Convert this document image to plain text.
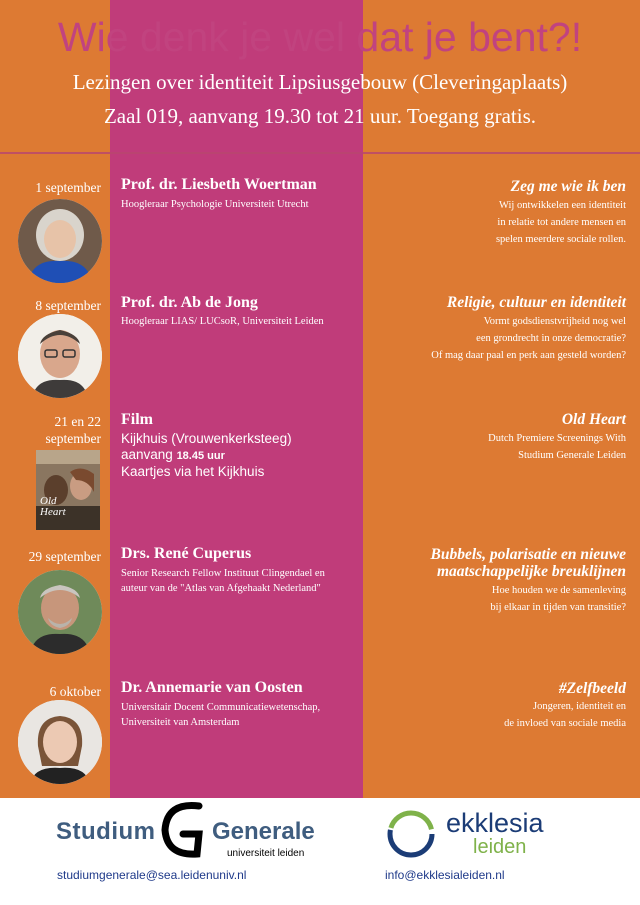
Wie denk je wel dat je bent?!
Lezingen over identiteit Lipsiusgebouw (Cleveringaplaats)
Zaal 019, aanvang 19.30 tot 21 uur. Toegang gratis.
1 september Prof. dr. Liesbeth Woertman
Hoogleraar Psychologie Universiteit Utrecht
Zeg me wie ik ben
Wij ontwikkelen een identiteit
in relatie tot andere mensen en
spelen meerdere sociale rollen.
8 september Prof. dr. Ab de Jong
Hoogleraar LIAS/ LUCsoR, Universiteit Leiden
Religie, cultuur en identiteit
Vormt godsdienstvrijheid nog wel
een grondrecht in onze democratie?
Of mag daar paal en perk aan gesteld worden?
21 en 22
september
Film
Kijkhuis (Vrouwenkerksteeg)
aanvang 18.45 uur
Kaartjes via het Kijkhuis
Old Heart
Dutch Premiere Screenings With
Studium Generale Leiden
Old Heart
29 september Drs. René Cuperus
Senior Research Fellow Instituut Clingendael en
auteur van de "Atlas van Afgehaakt Nederland"
Bubbels, polarisatie en nieuwe
maatschappelijke breuklijnen
Hoe houden we de samenleving
bij elkaar in tijden van transitie?
6 oktober Dr. Annemarie van Oosten
Universitair Docent Communicatiewetenschap,
Universiteit van Amsterdam
#Zelfbeeld
Jongeren, identiteit en
de invloed van sociale media
Studium Generale
universiteit leiden
studiumgenerale@sea.leidenuniv.nl
ekklesia
leiden
info@ekklesialeiden.nl
